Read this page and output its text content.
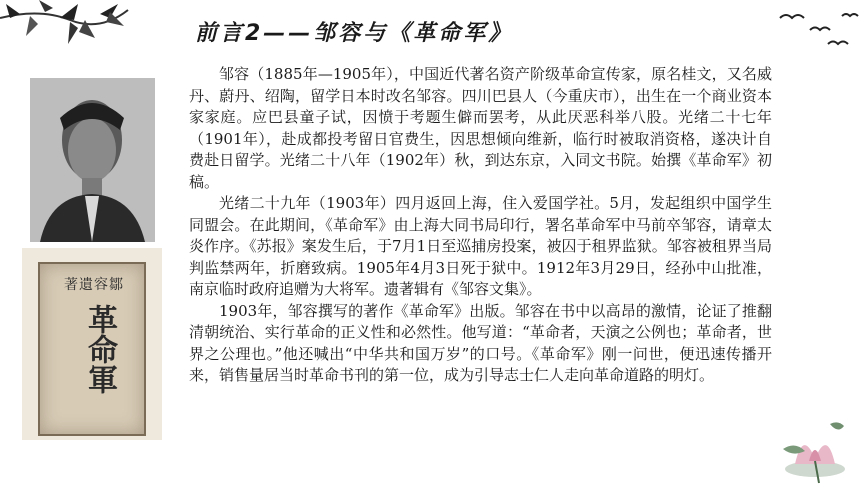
前言2——邹容与《革命军》
著遺容鄒
革命軍

邹容（1885年—1905年），中国近代著名资产阶级革命宣传家，原名桂文，又名威丹、蔚丹、绍陶，留学日本时改名邹容。四川巴县人（今重庆市），出生在一个商业资本家家庭。应巴县童子试，因愤于考题生僻而罢考，从此厌恶科举八股。光绪二十七年（1901年），赴成都投考留日官费生，因思想倾向维新，临行时被取消资格，遂决计自费赴日留学。光绪二十八年（1902年）秋，到达东京，入同文书院。始撰《革命军》初稿。

光绪二十九年（1903年）四月返回上海，住入爱国学社。5月，发起组织中国学生同盟会。在此期间，《革命军》由上海大同书局印行，署名革命军中马前卒邹容，请章太炎作序。《苏报》案发生后，于7月1日至巡捕房投案，被囚于租界监狱。邹容被租界当局判监禁两年，折磨致病。1905年4月3日死于狱中。1912年3月29日，经孙中山批准，南京临时政府追赠为大将军。遗著辑有《邹容文集》。

1903年，邹容撰写的著作《革命军》出版。邹容在书中以高昂的激情，论证了推翻清朝统治、实行革命的正义性和必然性。他写道：“革命者，天演之公例也；革命者，世界之公理也。”他还喊出“中华共和国万岁”的口号。《革命军》刚一问世，便迅速传播开来，销售量居当时革命书刊的第一位，成为引导志士仁人走向革命道路的明灯。
